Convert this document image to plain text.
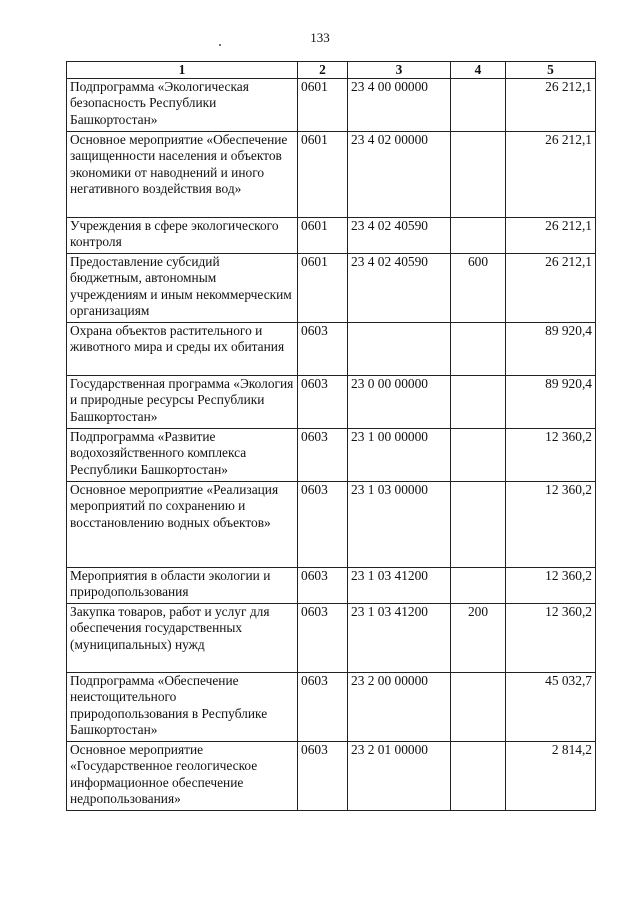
133
1	2	3	4	5
Подпрограмма «Экологическая безопасность Республики Башкортостан»	0601	23 4 00 00000		26 212,1
Основное мероприятие «Обеспечение защищенности населения и объектов экономики от наводнений и иного негативного воздействия вод»	0601	23 4 02 00000		26 212,1
Учреждения в сфере экологического контроля	0601	23 4 02 40590		26 212,1
Предоставление субсидий бюджетным, автономным учреждениям и иным некоммерческим организациям	0601	23 4 02 40590	600	26 212,1
Охрана объектов растительного и животного мира и среды их обитания	0603			89 920,4
Государственная программа «Экология и природные ресурсы Республики Башкортостан»	0603	23 0 00 00000		89 920,4
Подпрограмма «Развитие водохозяйственного комплекса Республики Башкортостан»	0603	23 1 00 00000		12 360,2
Основное мероприятие «Реализация мероприятий по сохранению и восстановлению водных объектов»	0603	23 1 03 00000		12 360,2
Мероприятия в области экологии и природопользования	0603	23 1 03 41200		12 360,2
Закупка товаров, работ и услуг для обеспечения государственных (муниципальных) нужд	0603	23 1 03 41200	200	12 360,2
Подпрограмма «Обеспечение неистощительного природопользования в Республике Башкортостан»	0603	23 2 00 00000		45 032,7
Основное мероприятие «Государственное геологическое информационное обеспечение недропользования»	0603	23 2 01 00000		2 814,2
